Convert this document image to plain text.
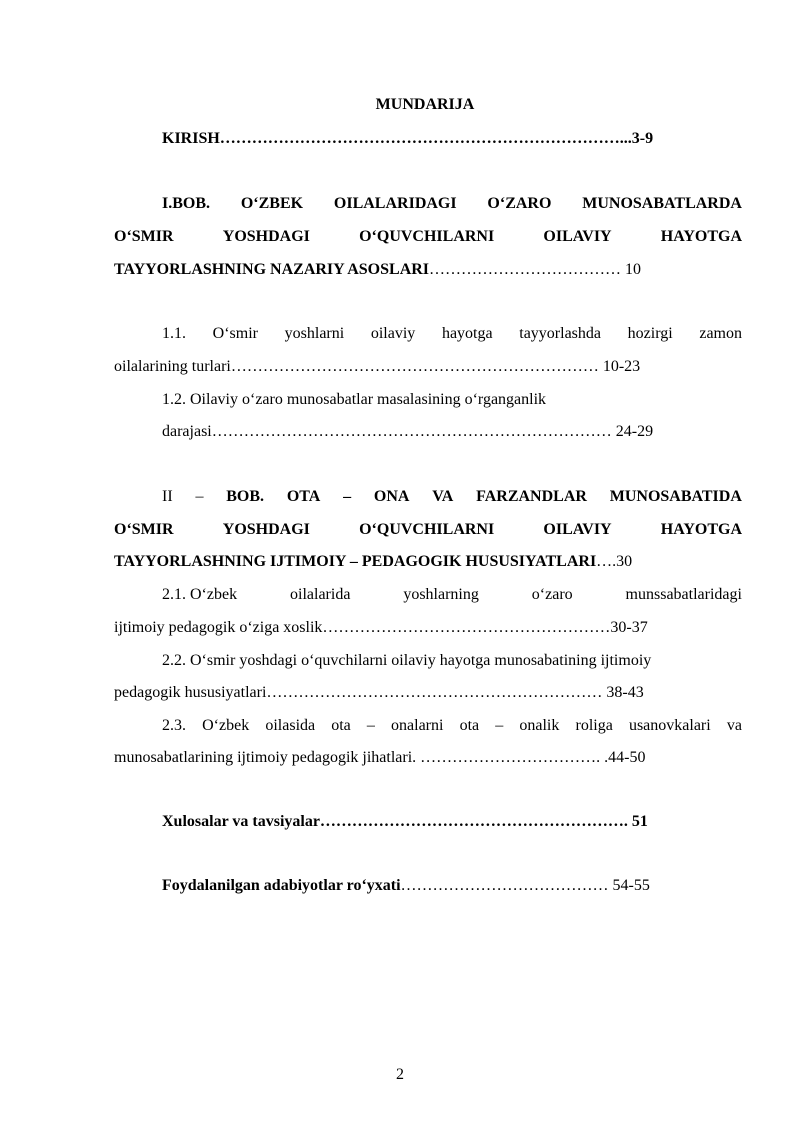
MUNDARIJA
KIRISH…………………………………………………………………...3-9
I.BOB. O‘ZBEK OILALARIDAGI O‘ZARO MUNOSABATLARDA
O‘SMIR	YOSHDAGI	O‘QUVCHILARNI	OILAVIY	HAYOTGA
TAYYORLASHNING NAZARIY ASOSLARI……………………………… 10
1.1. O‘smir yoshlarni oilaviy hayotga tayyorlashda hozirgi zamon
oilalarining turlari…………………………………………………………… 10-23
1.2. Oilaviy o‘zaro munosabatlar masalasining o‘rganganlik
darajasi………………………………………………………………… 24-29
II – BOB. OTA – ONA VA FARZANDLAR MUNOSABATIDA
O‘SMIR	YOSHDAGI	O‘QUVCHILARNI	OILAVIY	HAYOTGA
TAYYORLASHNING IJTIMOIY – PEDAGOGIK HUSUSIYATLARI….30
2.1. O‘zbek	oilalarida	yoshlarning	o‘zaro	munssabatlaridagi
ijtimoiy pedagogik o‘ziga xoslik………………………………………………30-37
2.2. O‘smir yoshdagi o‘quvchilarni oilaviy hayotga munosabatining ijtimoiy
pedagogik hususiyatlari……………………………………………………… 38-43
2.3. O‘zbek oilasida ota – onalarni ota – onalik roliga usanovkalari va
munosabatlarining ijtimoiy pedagogik jihatlari. ……………………………. .44-50
Xulosalar va tavsiyalar…………………………………………………. 51
Foydalanilgan adabiyotlar ro‘yxati………………………………… 54-55
2
